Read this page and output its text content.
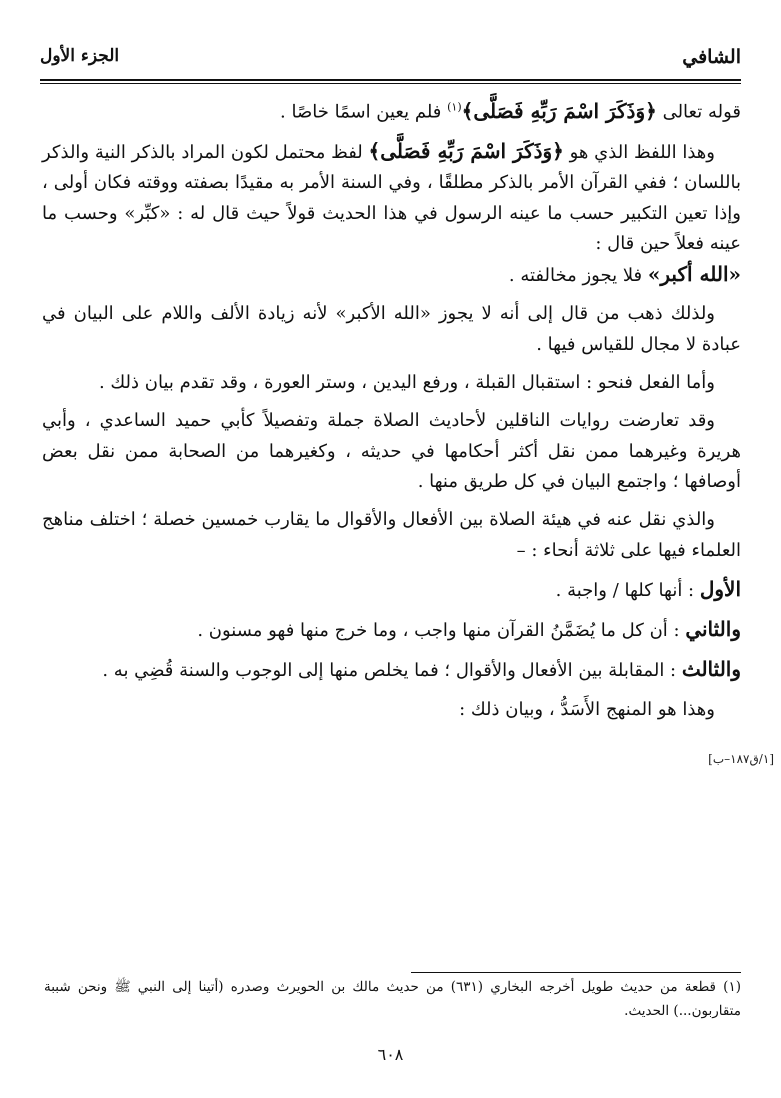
الشافي
الجزء الأول

قوله تعالى ﴿وَذَكَرَ اسْمَ رَبِّهِ فَصَلَّى﴾$^{(١)}$ فلم يعين اسمًا خاصًا .

وهذا اللفظ الذي هو ﴿وَذَكَرَ اسْمَ رَبِّهِ فَصَلَّى﴾ لفظ محتمل لكون المراد بالذكر النية والذكر باللسان ؛ ففي القرآن الأمر بالذكر مطلقًا ، وفي السنة الأمر به مقيدًا بصفته ووقته فكان أولى ، وإذا تعين التكبير حسب ما عينه الرسول في هذا الحديث قولاً حيث قال له : «كبِّر» وحسب ما عينه فعلاً حين قال :

«الله أكبر» فلا يجوز مخالفته .

ولذلك ذهب من قال إلى أنه لا يجوز «الله الأكبر» لأنه زيادة الألف واللام على البيان في عبادة لا مجال للقياس فيها .

وأما الفعل فنحو : استقبال القبلة ، ورفع اليدين ، وستر العورة ، وقد تقدم بيان ذلك .

وقد تعارضت روايات الناقلين لأحاديث الصلاة جملة وتفصيلاً كأبي حميد الساعدي ، وأبي هريرة وغيرهما ممن نقل أكثر أحكامها في حديثه ، وكغيرهما من الصحابة ممن نقل بعض أوصافها ؛ واجتمع البيان في كل طريق منها .

والذي نقل عنه في هيئة الصلاة بين الأفعال والأقوال ما يقارب خمسين خصلة ؛ اختلف مناهج العلماء فيها على ثلاثة أنحاء : –

الأول : أنها كلها / واجبة .

والثاني : أن كل ما يُضَمَّنُ القرآن منها واجب ، وما خرج منها فهو مسنون .

والثالث : المقابلة بين الأفعال والأقوال ؛ فما يخلص منها إلى الوجوب والسنة قُضِي به .

وهذا هو المنهج الأَسَدُّ ، وبيان ذلك :

[١/ق١٨٧–ب]
(١) قطعة من حديث طويل أخرجه البخاري (٦٣١) من حديث مالك بن الحويرث وصدره (أتينا إلى النبي ﷺ ونحن شببة متقاربون...) الحديث.
٦٠٨
